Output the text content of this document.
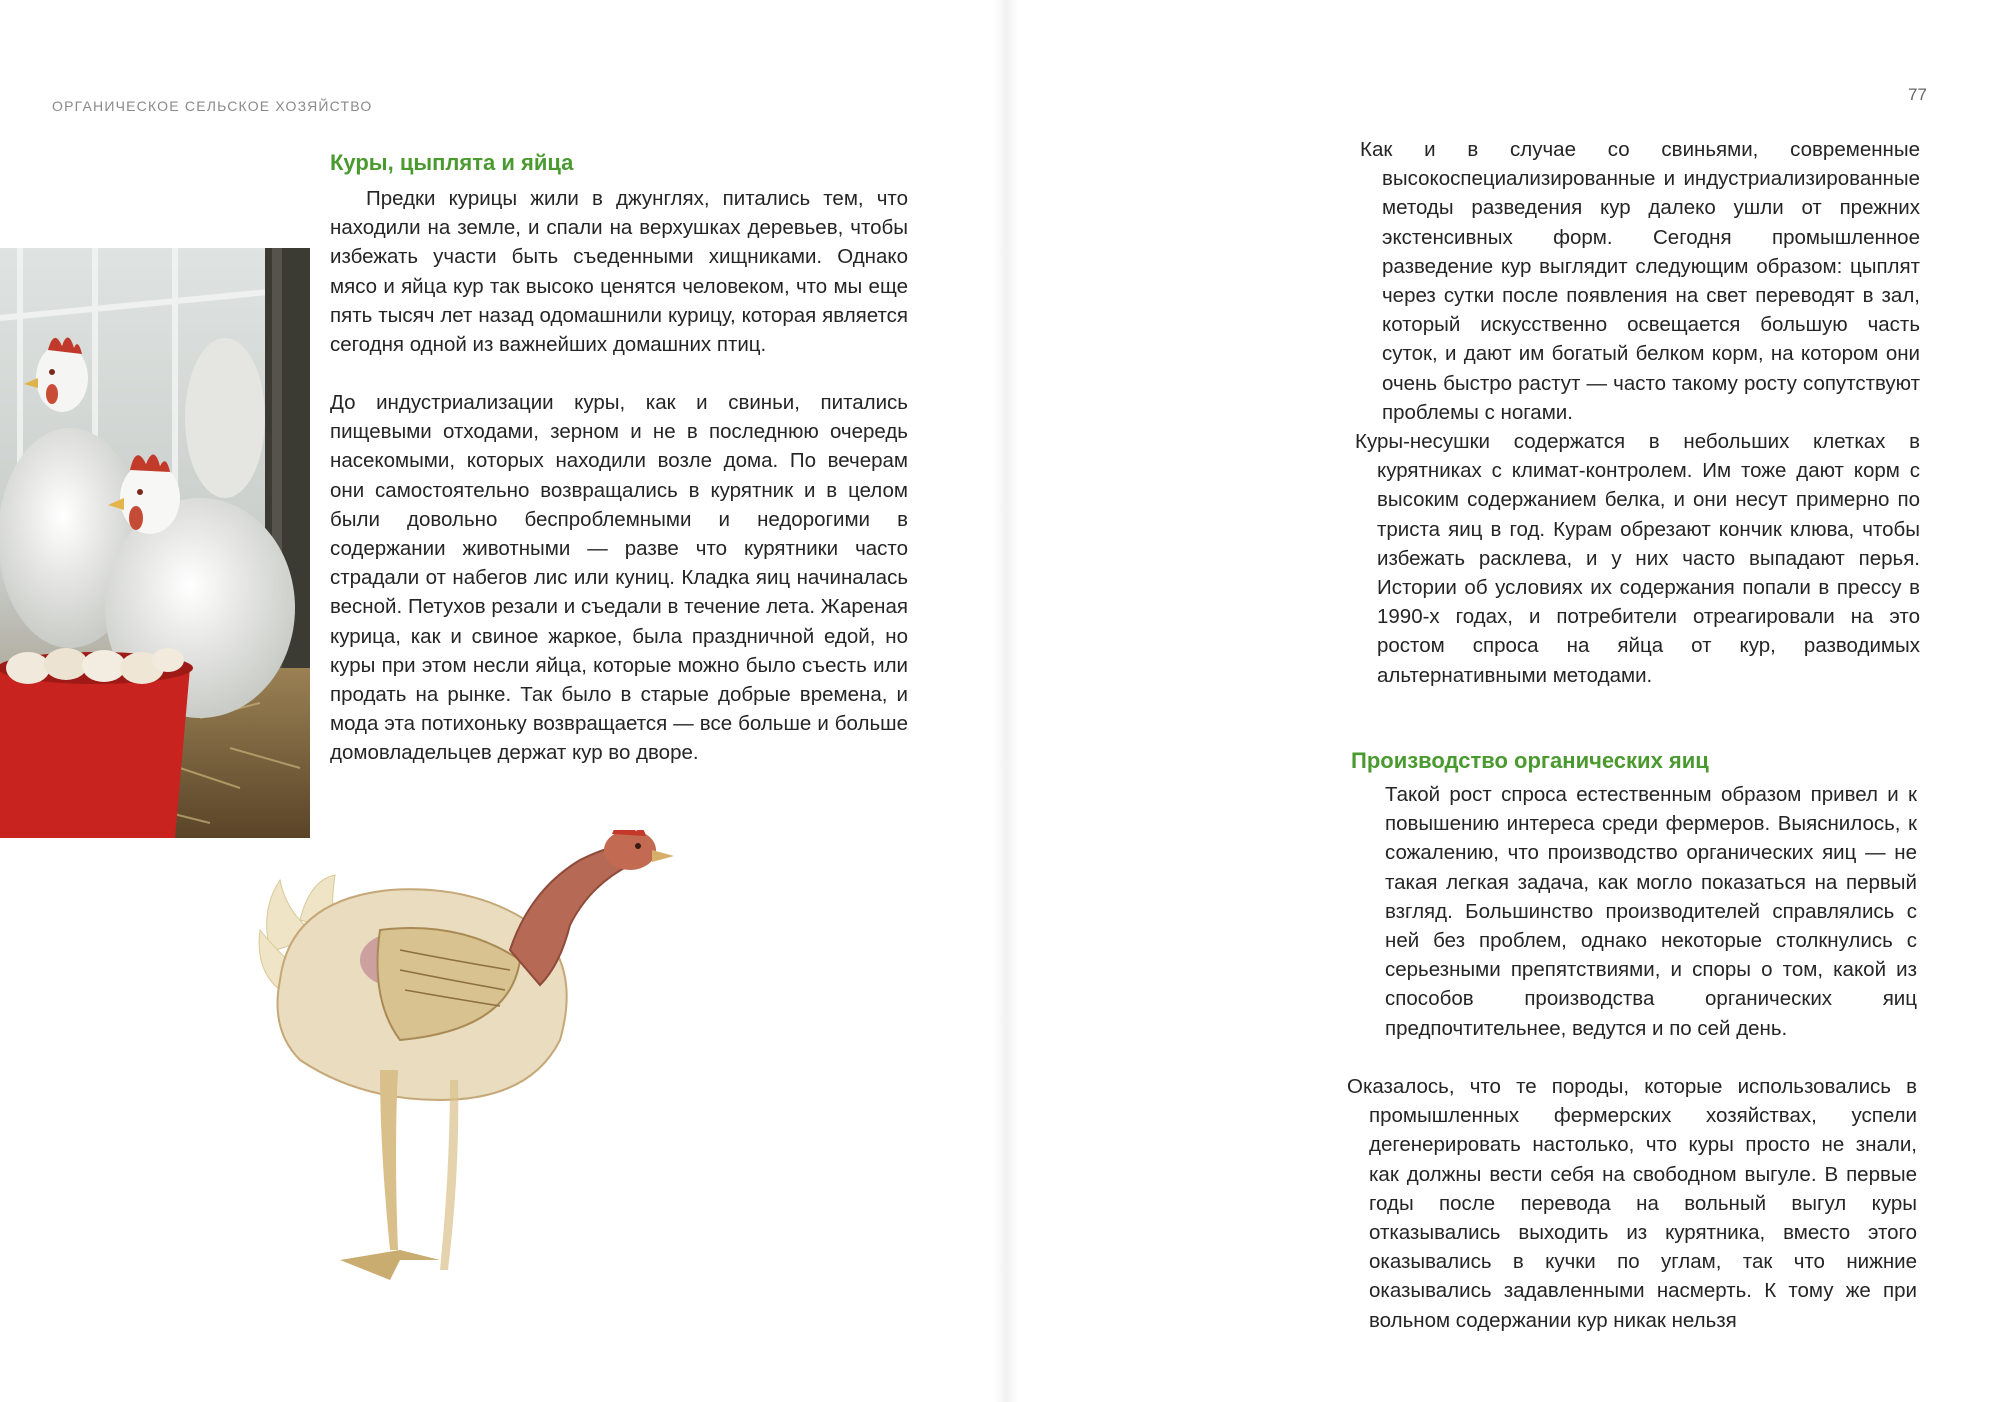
ОРГАНИЧЕСКОЕ СЕЛЬСКОЕ ХОЗЯЙСТВО
77
Куры, цыплята и яйца

Предки курицы жили в джунглях, питались тем, что находили на земле, и спали на верхушках деревьев, чтобы избежать участи быть съеденными хищниками. Однако мясо и яйца кур так высоко ценятся человеком, что мы еще пять тысяч лет назад одомашнили курицу, которая является сегодня одной из важнейших домашних птиц.

До индустриализации куры, как и свиньи, питались пищевыми отходами, зерном и не в последнюю очередь насекомыми, которых находили возле дома. По вечерам они самостоятельно возвращались в курятник и в целом были довольно беспроблемными и недорогими в содержании животными — разве что курятники часто страдали от набегов лис или куниц. Кладка яиц начиналась весной. Петухов резали и съедали в течение лета. Жареная курица, как и свиное жаркое, была праздничной едой, но куры при этом несли яйца, которые можно было съесть или продать на рынке. Так было в старые добрые времена, и мода эта потихоньку возвращается — все больше и больше домовладельцев держат кур во дворе.

Как и в случае со свиньями, современные высокоспециализированные и индустриализированные методы разведения кур далеко ушли от прежних экстенсивных форм. Сегодня промышленное разведение кур выглядит следующим образом: цыплят через сутки после появления на свет переводят в зал, который искусственно освещается большую часть суток, и дают им богатый белком корм, на котором они очень быстро растут — часто такому росту сопутствуют проблемы с ногами.

Куры-несушки содержатся в небольших клетках в курятниках с климат-контролем. Им тоже дают корм с высоким содержанием белка, и они несут примерно по триста яиц в год. Курам обрезают кончик клюва, чтобы избежать расклева, и у них часто выпадают перья. Истории об условиях их содержания попали в прессу в 1990-х годах, и потребители отреагировали на это ростом спроса на яйца от кур, разводимых альтернативными методами.

Производство органических яиц

Такой рост спроса естественным образом привел и к повышению интереса среди фермеров. Выяснилось, к сожалению, что производство органических яиц — не такая легкая задача, как могло показаться на первый взгляд. Большинство производителей справлялись с ней без проблем, однако некоторые столкнулись с серьезными препятствиями, и споры о том, какой из способов производства органических яиц предпочтительнее, ведутся и по сей день.

Оказалось, что те породы, которые использовались в промышленных фермерских хозяйствах, успели дегенерировать настолько, что куры просто не знали, как должны вести себя на свободном выгуле. В первые годы после перевода на вольный выгул куры отказывались выходить из курятника, вместо этого оказывались в кучки по углам, так что нижние оказывались задавленными насмерть. К тому же при вольном содержании кур никак нельзя
